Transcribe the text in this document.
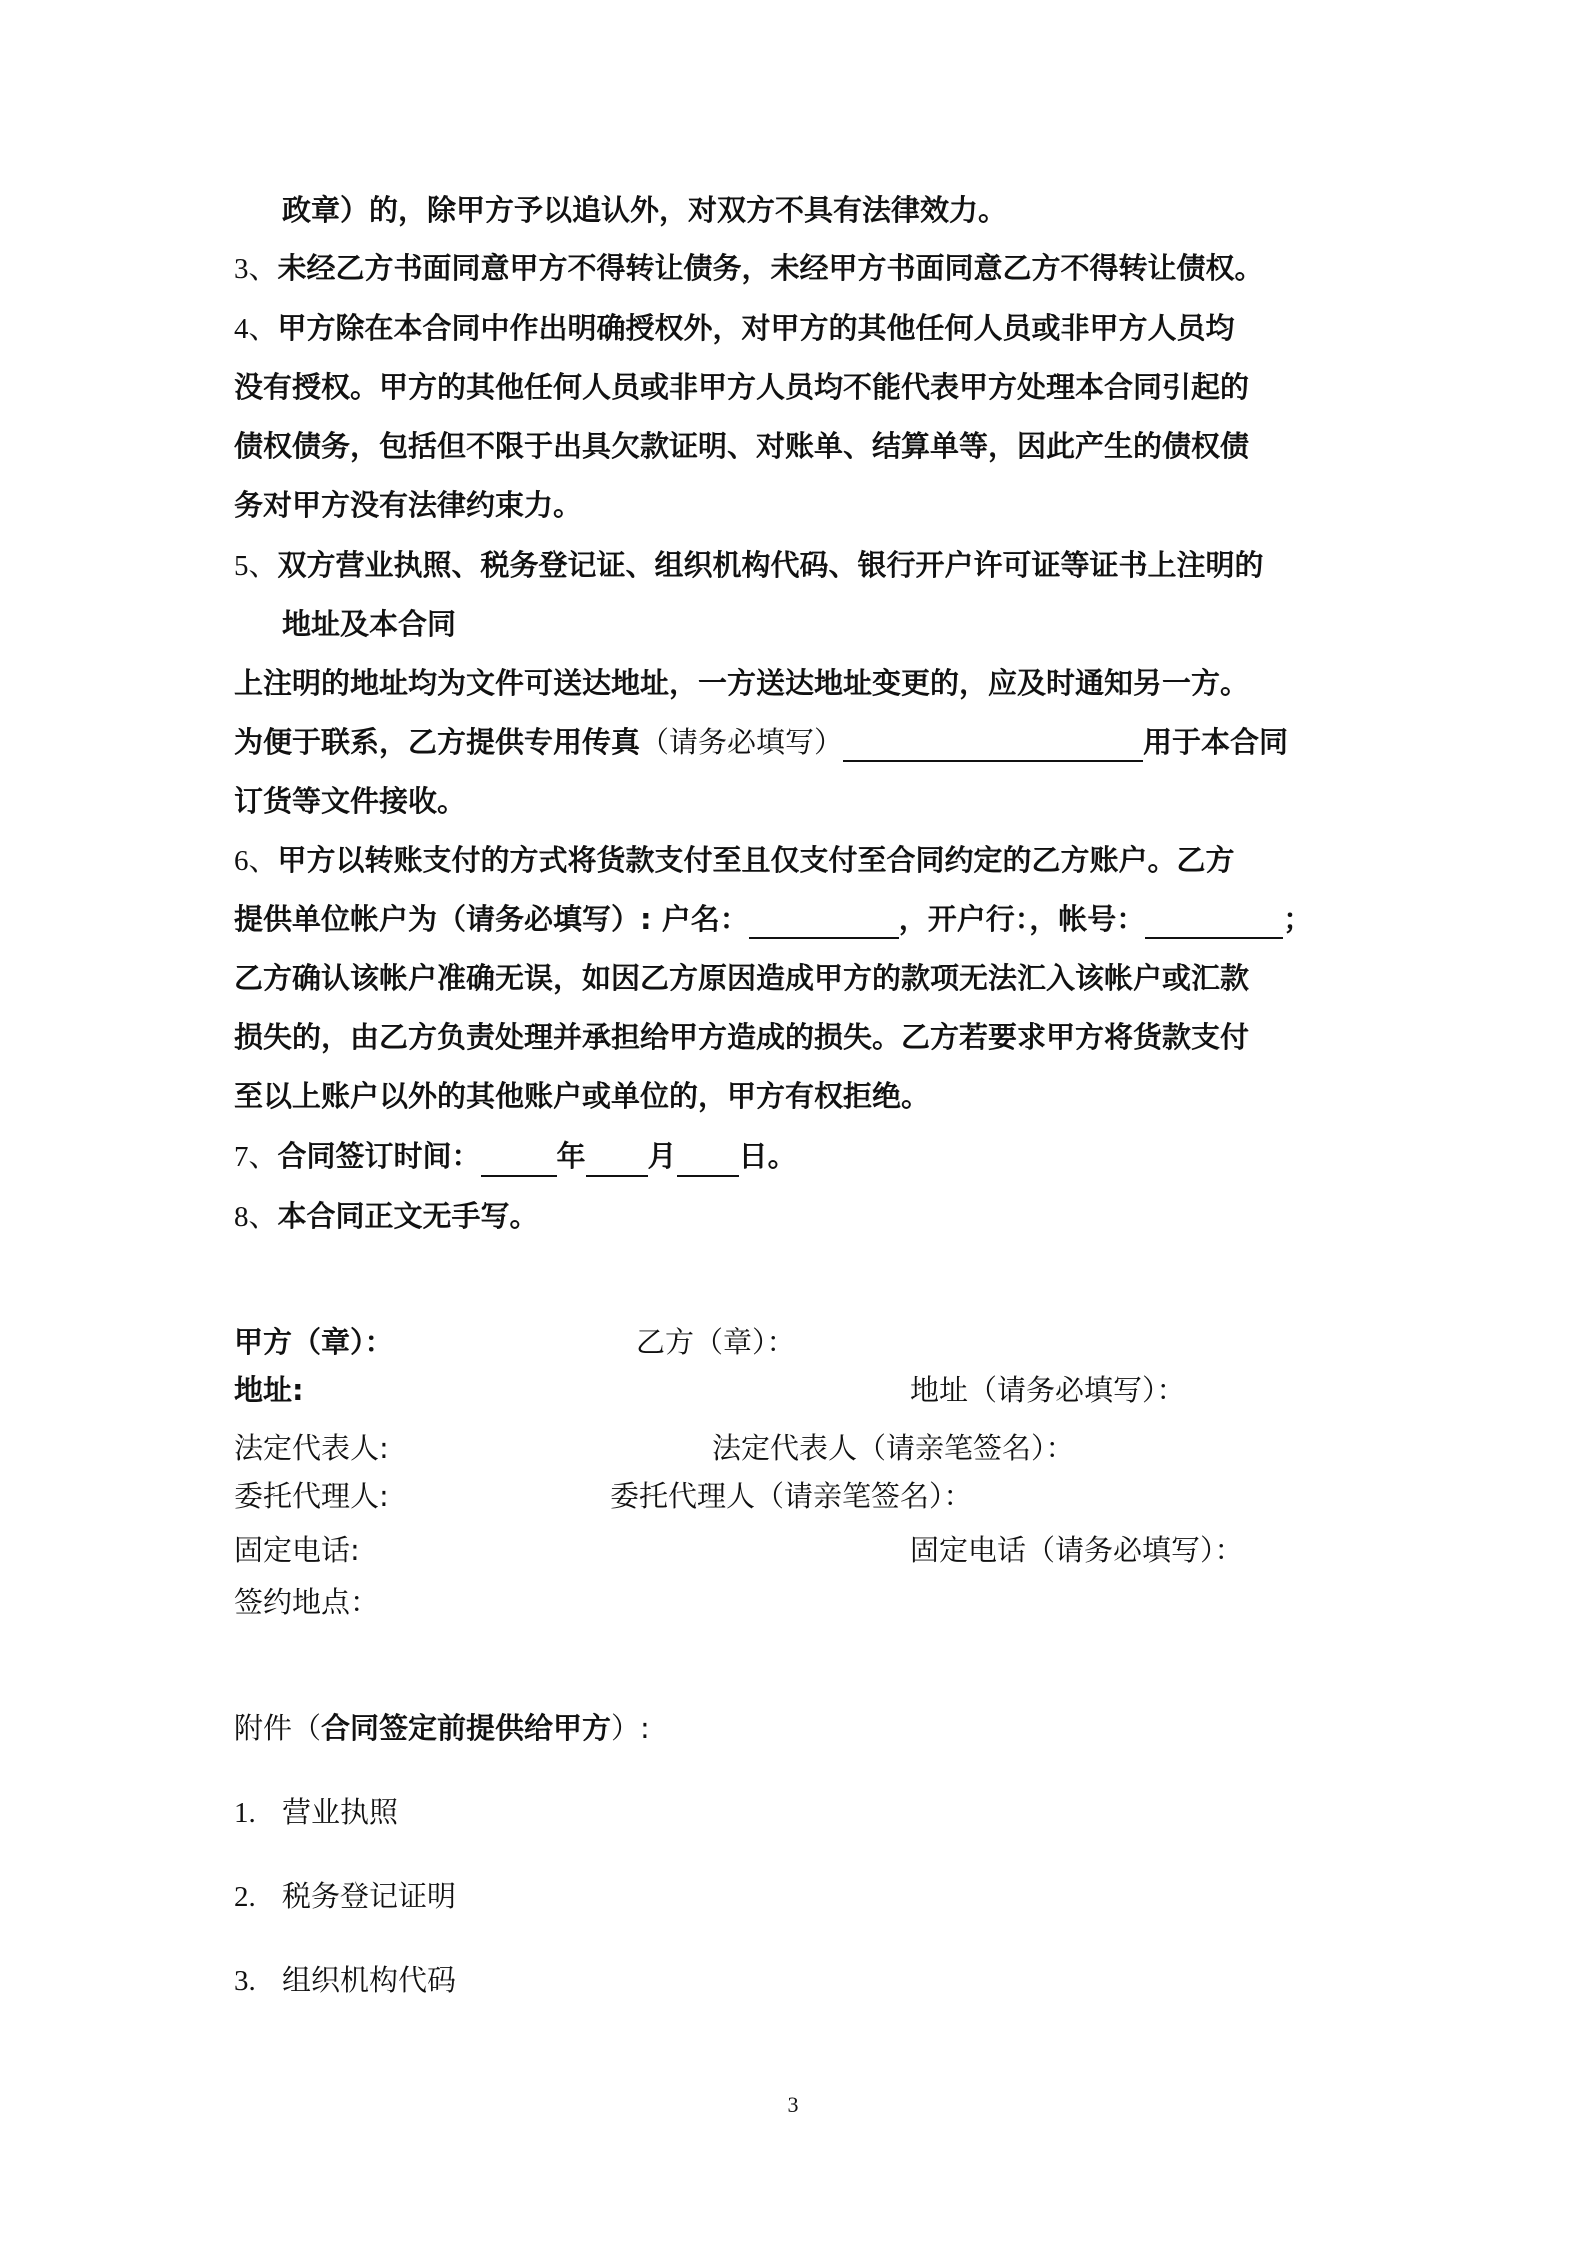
政章）的，除甲方予以追认外，对双方不具有法律效力。
3、未经乙方书面同意甲方不得转让债务，未经甲方书面同意乙方不得转让债权。
4、甲方除在本合同中作出明确授权外，对甲方的其他任何人员或非甲方人员均
没有授权。甲方的其他任何人员或非甲方人员均不能代表甲方处理本合同引起的
债权债务，包括但不限于出具欠款证明、对账单、结算单等，因此产生的债权债
务对甲方没有法律约束力。
5、双方营业执照、税务登记证、组织机构代码、银行开户许可证等证书上注明的
地址及本合同
上注明的地址均为文件可送达地址，一方送达地址变更的，应及时通知另一方。
为便于联系，乙方提供专用传真（请务必填写）	用于本合同
订货等文件接收。
6、甲方以转账支付的方式将货款支付至且仅支付至合同约定的乙方账户。乙方
提供单位帐户为（请务必填写）: 户名：	，开户行：，帐号：	；
乙方确认该帐户准确无误，如因乙方原因造成甲方的款项无法汇入该帐户或汇款
损失的，由乙方负责处理并承担给甲方造成的损失。乙方若要求甲方将货款支付
至以上账户以外的其他账户或单位的，甲方有权拒绝。
7、合同签订时间：	年 月 日。
8、本合同正文无手写。
甲方（章）：	乙方（章）：
地址:	地址（请务必填写）：
法定代表人:	法定代表人（请亲笔签名）：
委托代理人:	委托代理人（请亲笔签名）：
固定电话:	固定电话（请务必填写）：
签约地点：
附件（合同签定前提供给甲方）:
1. 营业执照
2. 税务登记证明
3. 组织机构代码
3
